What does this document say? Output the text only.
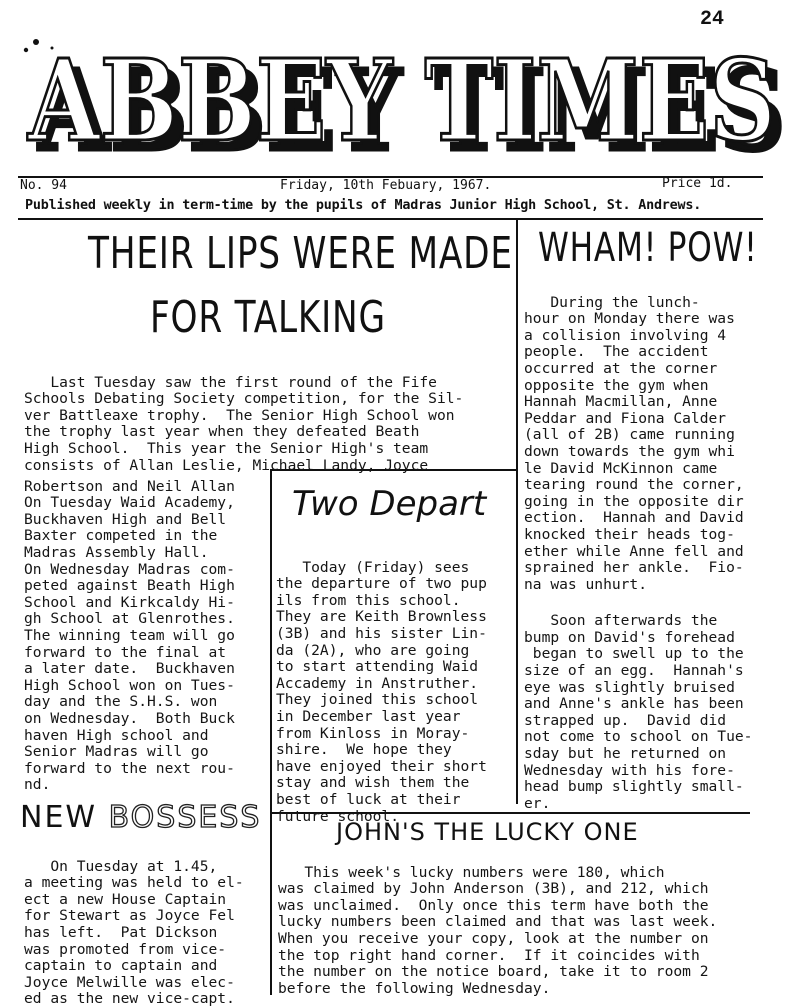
24
ABBEY TIMES
ABBEY TIMES
No. 94	Friday, 10th Febuary, 1967.	Price 1d.
Published weekly in term-time by the pupils of Madras Junior High School, St. Andrews.
THEIR LIPS WERE MADE
FOR TALKING

Last Tuesday saw the first round of the Fife
Schools Debating Society competition, for the Sil-
ver Battleaxe trophy.  The Senior High School won
the trophy last year when they defeated Beath
High School.  This year the Senior High's team
consists of Allan Leslie, Michael Landy, Joyce

Robertson and Neil Allan
On Tuesday Waid Academy,
Buckhaven High and Bell
Baxter competed in the
Madras Assembly Hall.
On Wednesday Madras com-
peted against Beath High
School and Kirkcaldy Hi-
gh School at Glenrothes.
The winning team will go
forward to the final at
a later date.  Buckhaven
High School won on Tues-
day and the S.H.S. won
on Wednesday.  Both Buck
haven High school and
Senior Madras will go
forward to the next rou-
nd.
Two Depart

Today (Friday) sees
the departure of two pup
ils from this school.
They are Keith Brownless
(3B) and his sister Lin-
da (2A), who are going
to start attending Waid
Accademy in Anstruther.
They joined this school
in December last year
from Kinloss in Moray-
shire.  We hope they
have enjoyed their short
stay and wish them the
best of luck at their
future school.
WHAM! POW!

During the lunch-
hour on Monday there was
a collision involving 4
people.  The accident
occurred at the corner
opposite the gym when
Hannah Macmillan, Anne
Peddar and Fiona Calder
(all of 2B) came running
down towards the gym whi
le David McKinnon came
tearing round the corner,
going in the opposite dir
ection.  Hannah and David
knocked their heads tog-
ether while Anne fell and
sprained her ankle.  Fio-
na was unhurt.
Soon afterwards the
bump on David's forehead
began to swell up to the
size of an egg.  Hannah's
eye was slightly bruised
and Anne's ankle has been
strapped up.  David did
not come to school on Tue-
sday but he returned on
Wednesday with his fore-
head bump slightly small-
er.
NEW BOSSESS

On Tuesday at 1.45,
a meeting was held to el-
ect a new House Captain
for Stewart as Joyce Fel
has left.  Pat Dickson
was promoted from vice-
captain to captain and
Joyce Melwille was elec-
ed as the new vice-capt.
JOHN'S THE LUCKY ONE

This week's lucky numbers were 180, which
was claimed by John Anderson (3B), and 212, which
was unclaimed.  Only once this term have both the
lucky numbers been claimed and that was last week.
When you receive your copy, look at the number on
the top right hand corner.  If it coincides with
the number on the notice board, take it to room 2
before the following Wednesday.
